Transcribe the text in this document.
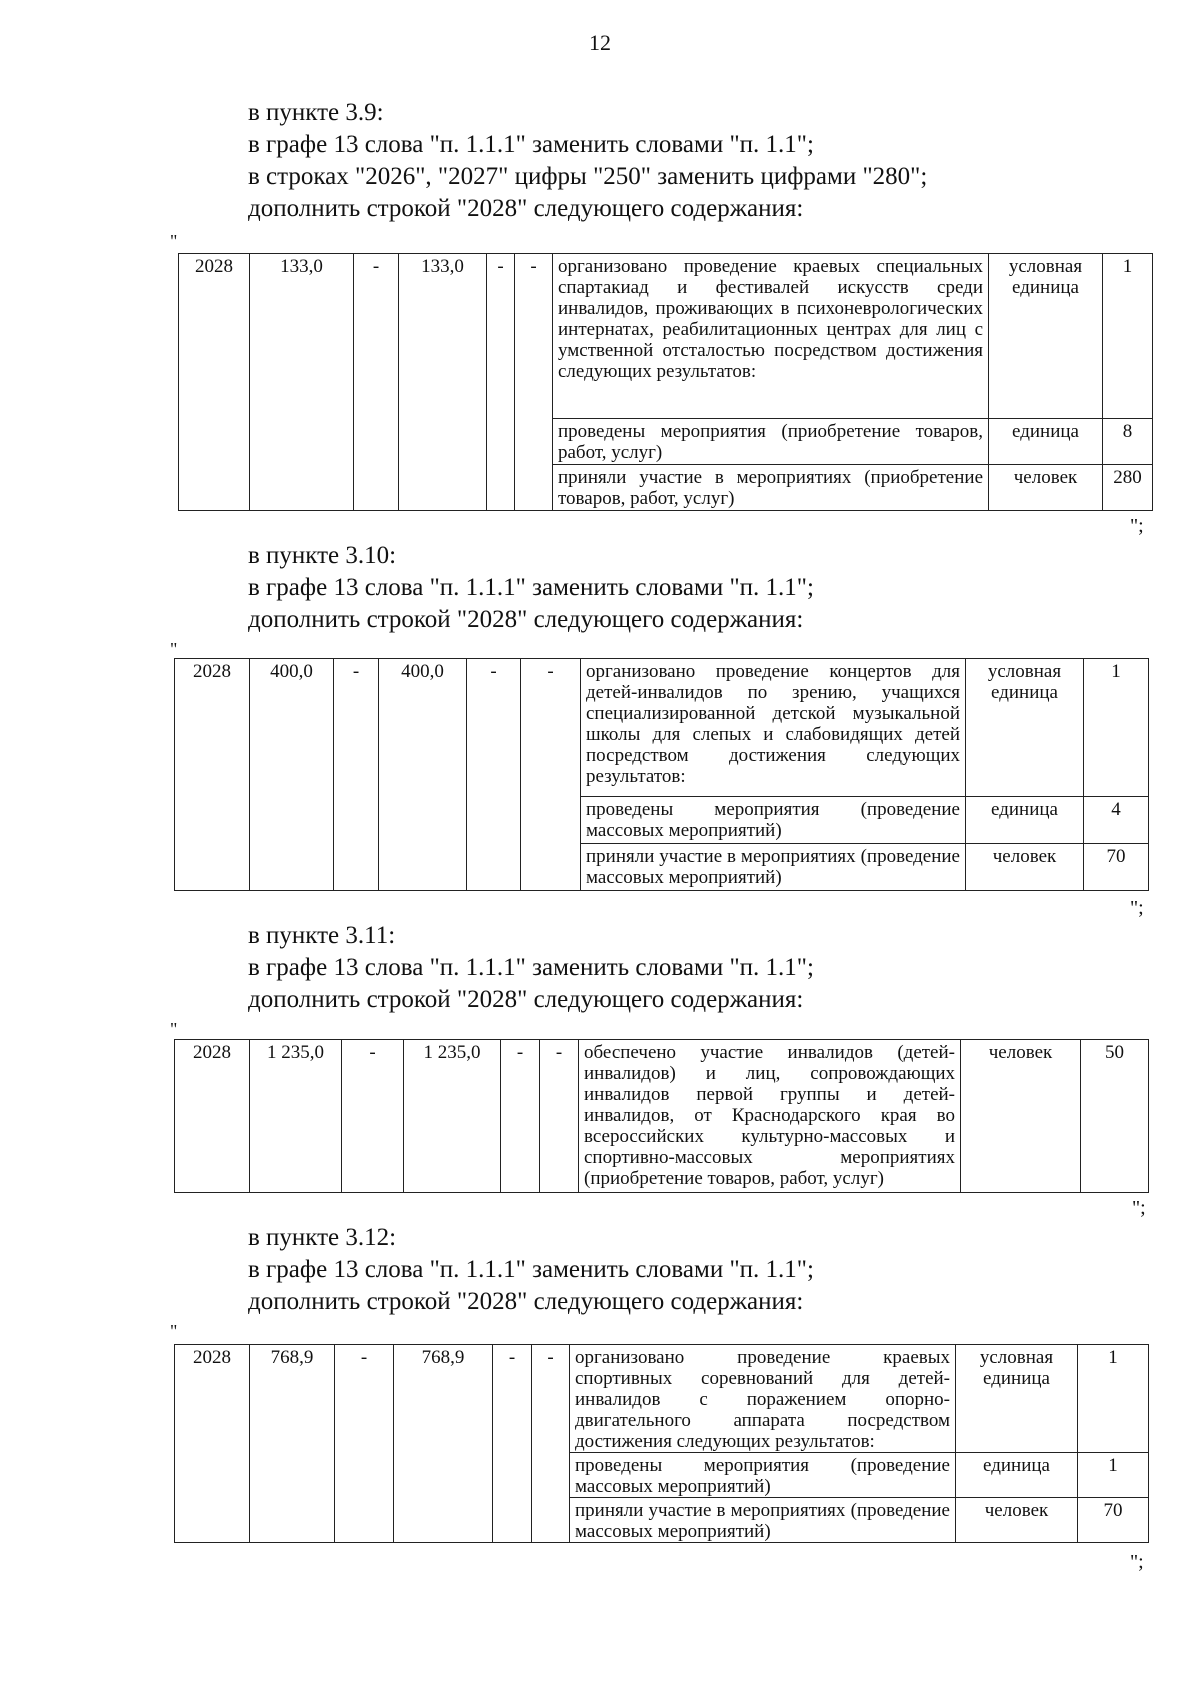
12
в пункте 3.9:
в графе 13 слова "п. 1.1.1" заменить словами "п. 1.1";
в строках "2026", "2027" цифры "250" заменить цифрами "280";
дополнить строкой "2028" следующего содержания:
"
2028	133,0	-	133,0	-	-	организовано проведение краевых специальных спартакиад и фестивалей искусств среди инвалидов, проживающих в психоневрологических интернатах, реабилитационных центрах для лиц с умственной отсталостью посредством достижения следующих результатов:	условная единица	1
						проведены мероприятия (приобретение товаров, работ, услуг)	единица	8
						приняли участие в мероприятиях (приобретение товаров, работ, услуг)	человек	280
";
в пункте 3.10:
в графе 13 слова "п. 1.1.1" заменить словами "п. 1.1";
дополнить строкой "2028" следующего содержания:
"
2028	400,0	-	400,0	-	-	организовано проведение концертов для детей-инвалидов по зрению, учащихся специализированной детской музыкальной школы для слепых и слабовидящих детей посредством достижения следующих результатов:	условная единица	1
						проведены мероприятия (проведение массовых мероприятий)	единица	4
						приняли участие в мероприятиях (проведение массовых мероприятий)	человек	70
";
в пункте 3.11:
в графе 13 слова "п. 1.1.1" заменить словами "п. 1.1";
дополнить строкой "2028" следующего содержания:
"
2028	1 235,0	-	1 235,0	-	-	обеспечено участие инвалидов (детей-инвалидов) и лиц, сопровождающих инвалидов первой группы и детей-инвалидов, от Краснодарского края во всероссийских культурно-массовых и спортивно-массовых мероприятиях (приобретение товаров, работ, услуг)	человек	50
";
в пункте 3.12:
в графе 13 слова "п. 1.1.1" заменить словами "п. 1.1";
дополнить строкой "2028" следующего содержания:
"
2028	768,9	-	768,9	-	-	организовано проведение краевых спортивных соревнований для детей-инвалидов с поражением опорно-двигательного аппарата посредством достижения следующих результатов:	условная единица	1
						проведены мероприятия (проведение массовых мероприятий)	единица	1
						приняли участие в мероприятиях (проведение массовых мероприятий)	человек	70
";
